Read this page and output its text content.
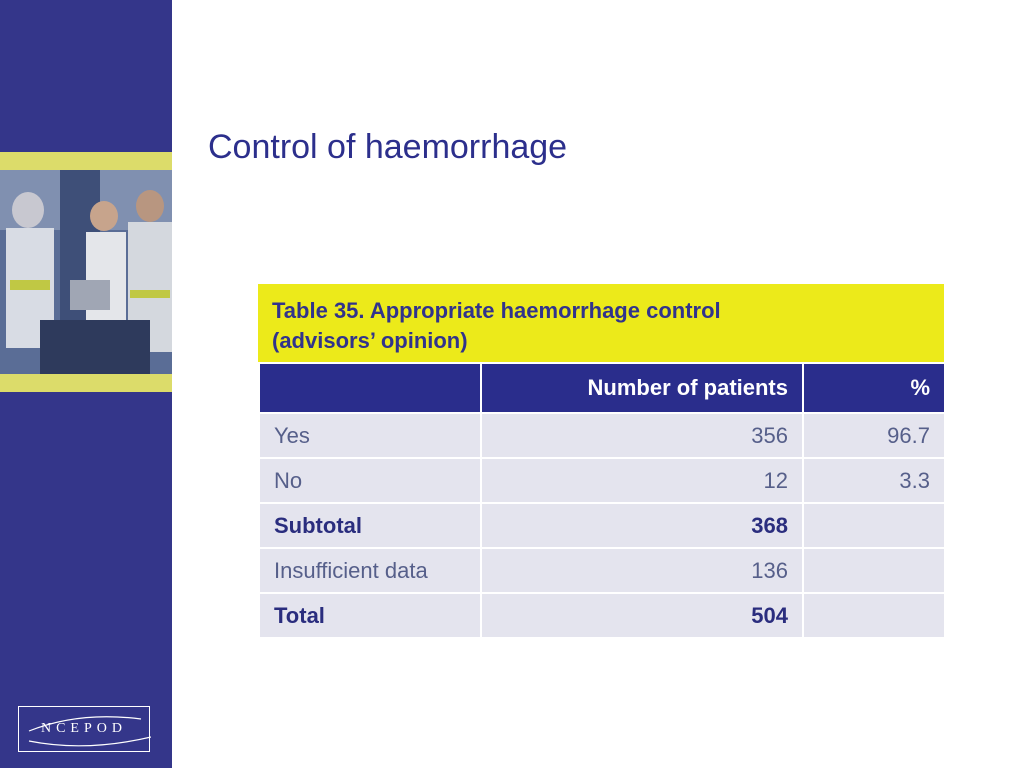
NCEPOD
Control of haemorrhage
Table 35. Appropriate haemorrhage control
(advisors’ opinion)
	Number of patients	%
Yes	356	96.7
No	12	3.3
Subtotal	368	
Insufficient data	136	
Total	504	
